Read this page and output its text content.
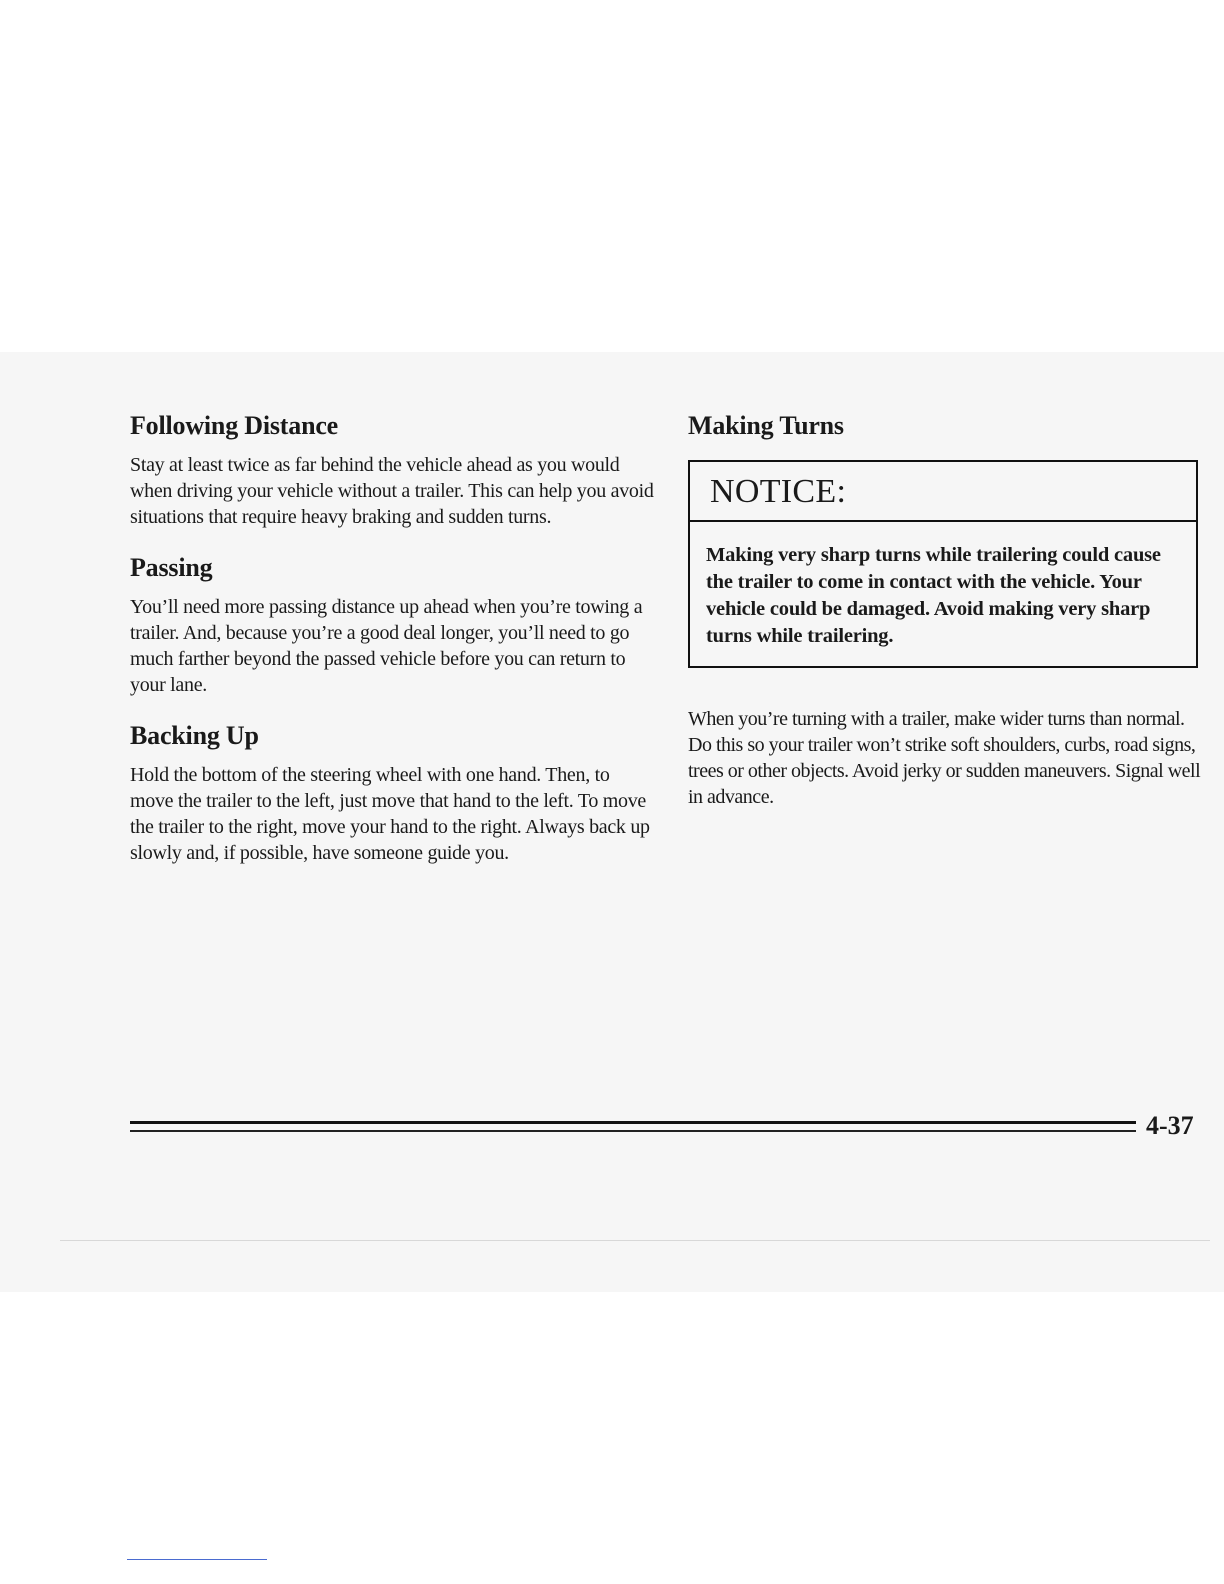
Following Distance

Stay at least twice as far behind the vehicle ahead as you would when driving your vehicle without a trailer. This can help you avoid situations that require heavy braking and sudden turns.

Passing

You’ll need more passing distance up ahead when you’re towing a trailer. And, because you’re a good deal longer, you’ll need to go much farther beyond the passed vehicle before you can return to your lane.

Backing Up

Hold the bottom of the steering wheel with one hand. Then, to move the trailer to the left, just move that hand to the left. To move the trailer to the right, move your hand to the right. Always back up slowly and, if possible, have someone guide you.

Making Turns
NOTICE:
Making very sharp turns while trailering could cause the trailer to come in contact with the vehicle. Your vehicle could be damaged. Avoid making very sharp turns while trailering.

When you’re turning with a trailer, make wider turns than normal. Do this so your trailer won’t strike soft shoulders, curbs, road signs, trees or other objects. Avoid jerky or sudden maneuvers. Signal well in advance.

4-37
